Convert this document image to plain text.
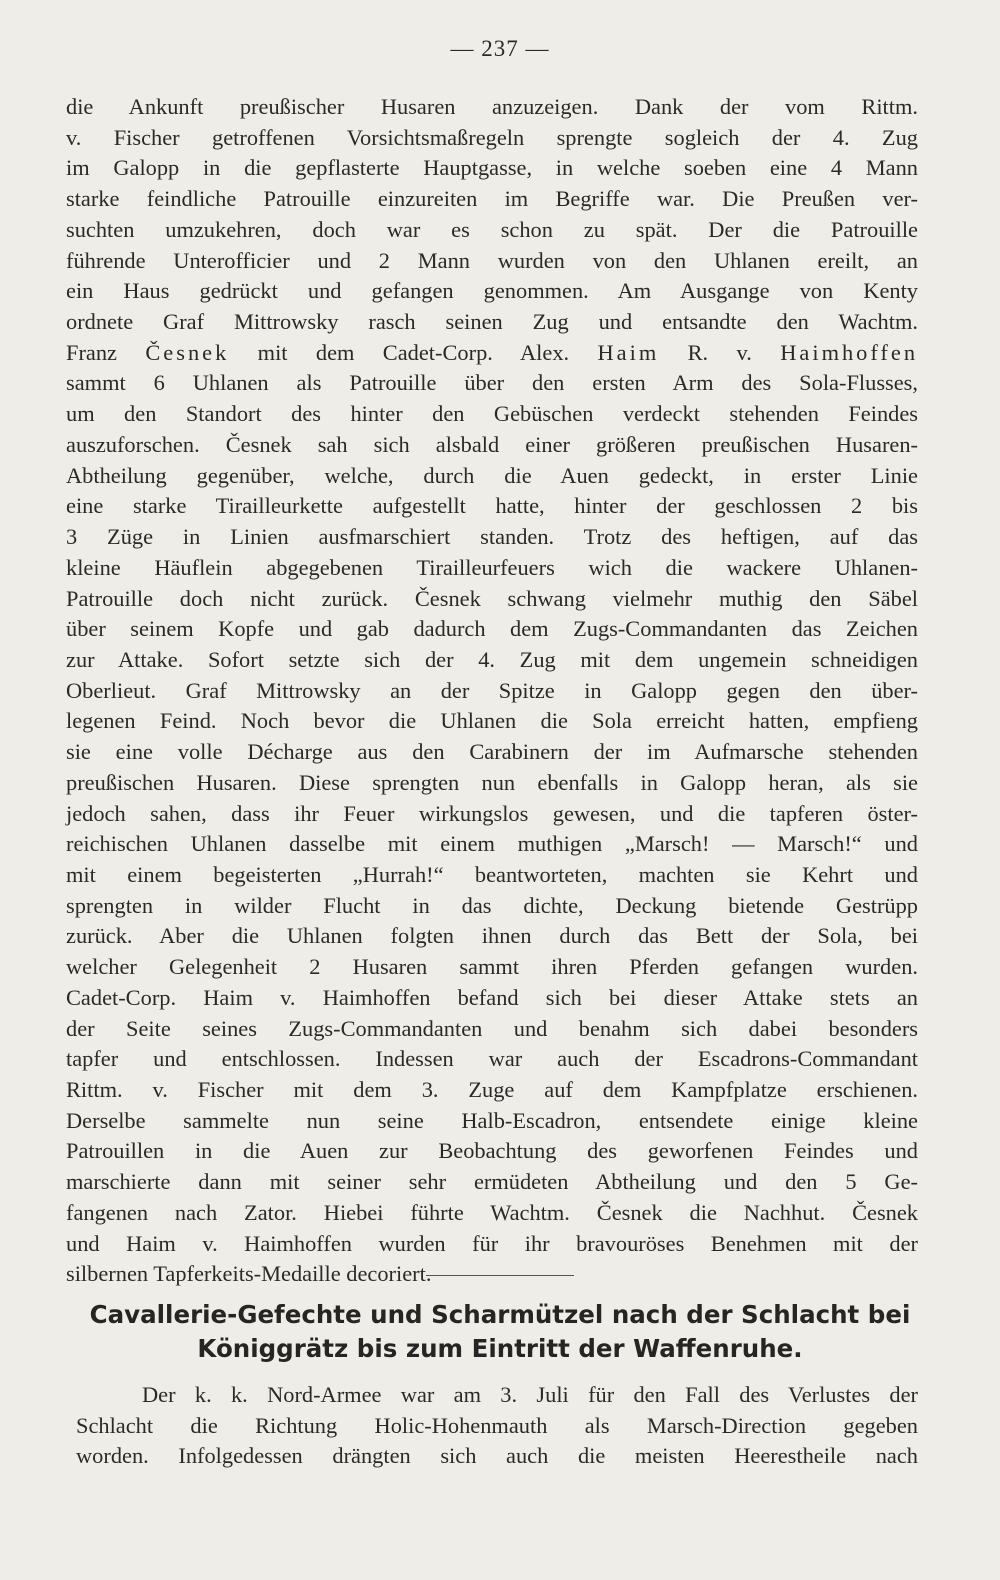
— 237 —
die Ankunft preußischer Husaren anzuzeigen. Dank der vom Rittm.
v. Fischer getroffenen Vorsichtsmaßregeln sprengte sogleich der 4. Zug
im Galopp in die gepflasterte Hauptgasse, in welche soeben eine 4 Mann
starke feindliche Patrouille einzureiten im Begriffe war. Die Preußen ver-
suchten umzukehren, doch war es schon zu spät. Der die Patrouille
führende Unterofficier und 2 Mann wurden von den Uhlanen ereilt, an
ein Haus gedrückt und gefangen genommen. Am Ausgange von Kenty
ordnete Graf Mittrowsky rasch seinen Zug und entsandte den Wachtm.
Franz Česnek mit dem Cadet-Corp. Alex. Haim R. v. Haimhoffen
sammt 6 Uhlanen als Patrouille über den ersten Arm des Sola-Flusses,
um den Standort des hinter den Gebüschen verdeckt stehenden Feindes
auszuforschen. Česnek sah sich alsbald einer größeren preußischen Husaren-
Abtheilung gegenüber, welche, durch die Auen gedeckt, in erster Linie
eine starke Tirailleurkette aufgestellt hatte, hinter der geschlossen 2 bis
3 Züge in Linien ausfmarschiert standen. Trotz des heftigen, auf das
kleine Häuflein abgegebenen Tirailleurfeuers wich die wackere Uhlanen-
Patrouille doch nicht zurück. Česnek schwang vielmehr muthig den Säbel
über seinem Kopfe und gab dadurch dem Zugs-Commandanten das Zeichen
zur Attake. Sofort setzte sich der 4. Zug mit dem ungemein schneidigen
Oberlieut. Graf Mittrowsky an der Spitze in Galopp gegen den über-
legenen Feind. Noch bevor die Uhlanen die Sola erreicht hatten, empfieng
sie eine volle Décharge aus den Carabinern der im Aufmarsche stehenden
preußischen Husaren. Diese sprengten nun ebenfalls in Galopp heran, als sie
jedoch sahen, dass ihr Feuer wirkungslos gewesen, und die tapferen öster-
reichischen Uhlanen dasselbe mit einem muthigen „Marsch! — Marsch!“ und
mit einem begeisterten „Hurrah!“ beantworteten, machten sie Kehrt und
sprengten in wilder Flucht in das dichte, Deckung bietende Gestrüpp
zurück. Aber die Uhlanen folgten ihnen durch das Bett der Sola, bei
welcher Gelegenheit 2 Husaren sammt ihren Pferden gefangen wurden.
Cadet-Corp. Haim v. Haimhoffen befand sich bei dieser Attake stets an
der Seite seines Zugs-Commandanten und benahm sich dabei besonders
tapfer und entschlossen. Indessen war auch der Escadrons-Commandant
Rittm. v. Fischer mit dem 3. Zuge auf dem Kampfplatze erschienen.
Derselbe sammelte nun seine Halb-Escadron, entsendete einige kleine
Patrouillen in die Auen zur Beobachtung des geworfenen Feindes und
marschierte dann mit seiner sehr ermüdeten Abtheilung und den 5 Ge-
fangenen nach Zator. Hiebei führte Wachtm. Česnek die Nachhut. Česnek
und Haim v. Haimhoffen wurden für ihr bravouröses Benehmen mit der
silbernen Tapferkeits-Medaille decoriert.
Cavallerie-Gefechte und Scharmützel nach der Schlacht bei
Königgrätz bis zum Eintritt der Waffenruhe.
Der k. k. Nord-Armee war am 3. Juli für den Fall des Verlustes der
Schlacht die Richtung Holic-Hohenmauth als Marsch-Direction gegeben
worden. Infolgedessen drängten sich auch die meisten Heerestheile nach
